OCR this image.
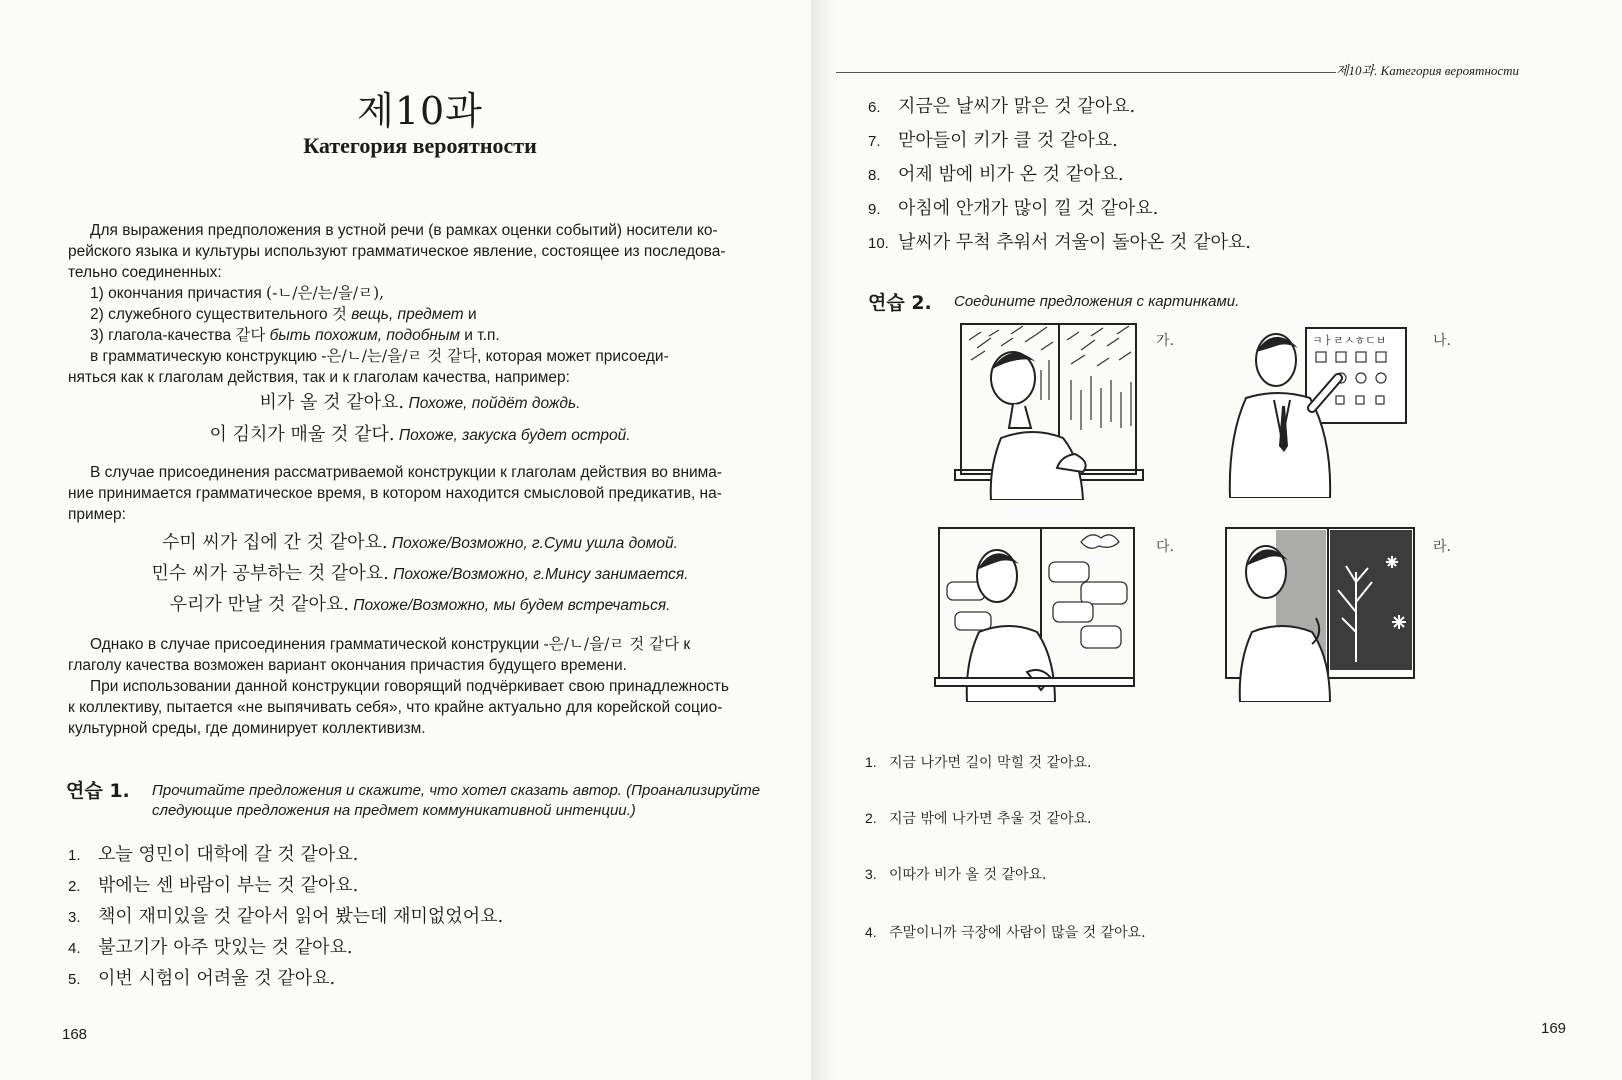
제10과
Категория вероятности
Для выражения предположения в устной речи (в рамках оценки событий) носители ко-
рейского языка и культуры используют грамматическое явление, состоящее из последова-
тельно соединенных:
1) окончания причастия (-ㄴ/은/는/을/ㄹ),
2) служебного существительного 것 вещь, предмет и
3) глагола-качества 같다 быть похожим, подобным и т.п.
в грамматическую конструкцию -은/ㄴ/는/을/ㄹ 것 같다, которая может присоеди-
няться как к глаголам действия, так и к глаголам качества, например:
비가 올 것 같아요. Похоже, пойдёт дождь.
이 김치가 매울 것 같다. Похоже, закуска будет острой.
В случае присоединения рассматриваемой конструкции к глаголам действия во внима-
ние принимается грамматическое время, в котором находится смысловой предикатив, на-
пример:
수미 씨가 집에 간 것 같아요. Похоже/Возможно, г.Суми ушла домой.
민수 씨가 공부하는 것 같아요. Похоже/Возможно, г.Минсу занимается.
우리가 만날 것 같아요. Похоже/Возможно, мы будем встречаться.
Однако в случае присоединения грамматической конструкции -은/ㄴ/을/ㄹ 것 같다 к
глаголу качества возможен вариант окончания причастия будущего времени.
При использовании данной конструкции говорящий подчёркивает свою принадлежность
к коллективу, пытается «не выпячивать себя», что крайне актуально для корейской социо-
культурной среды, где доминирует коллективизм.
연습 1. Прочитайте предложения и скажите, что хотел сказать автор. (Проанализируйте
следующие предложения на предмет коммуникативной интенции.)
1. 오늘 영민이 대학에 갈 것 같아요.
2. 밖에는 센 바람이 부는 것 같아요.
3. 책이 재미있을 것 같아서 읽어 봤는데 재미없었어요.
4. 불고기가 아주 맛있는 것 같아요.
5. 이번 시험이 어려울 것 같아요.
168
제10과. Категория вероятности
6. 지금은 날씨가 맑은 것 같아요.
7. 맏아들이 키가 클 것 같아요.
8. 어제 밤에 비가 온 것 같아요.
9. 아침에 안개가 많이 낄 것 같아요.
10. 날씨가 무척 추워서 겨울이 돌아온 것 같아요.
연습 2. Соедините предложения с картинками.
가.	ㅋㅏㄹㅅㅎㄷㅂ	나.
다.	라.
1. 지금 나가면 길이 막힐 것 같아요.
2. 지금 밖에 나가면 추울 것 같아요.
3. 이따가 비가 올 것 같아요.
4. 주말이니까 극장에 사람이 많을 것 같아요.
169
